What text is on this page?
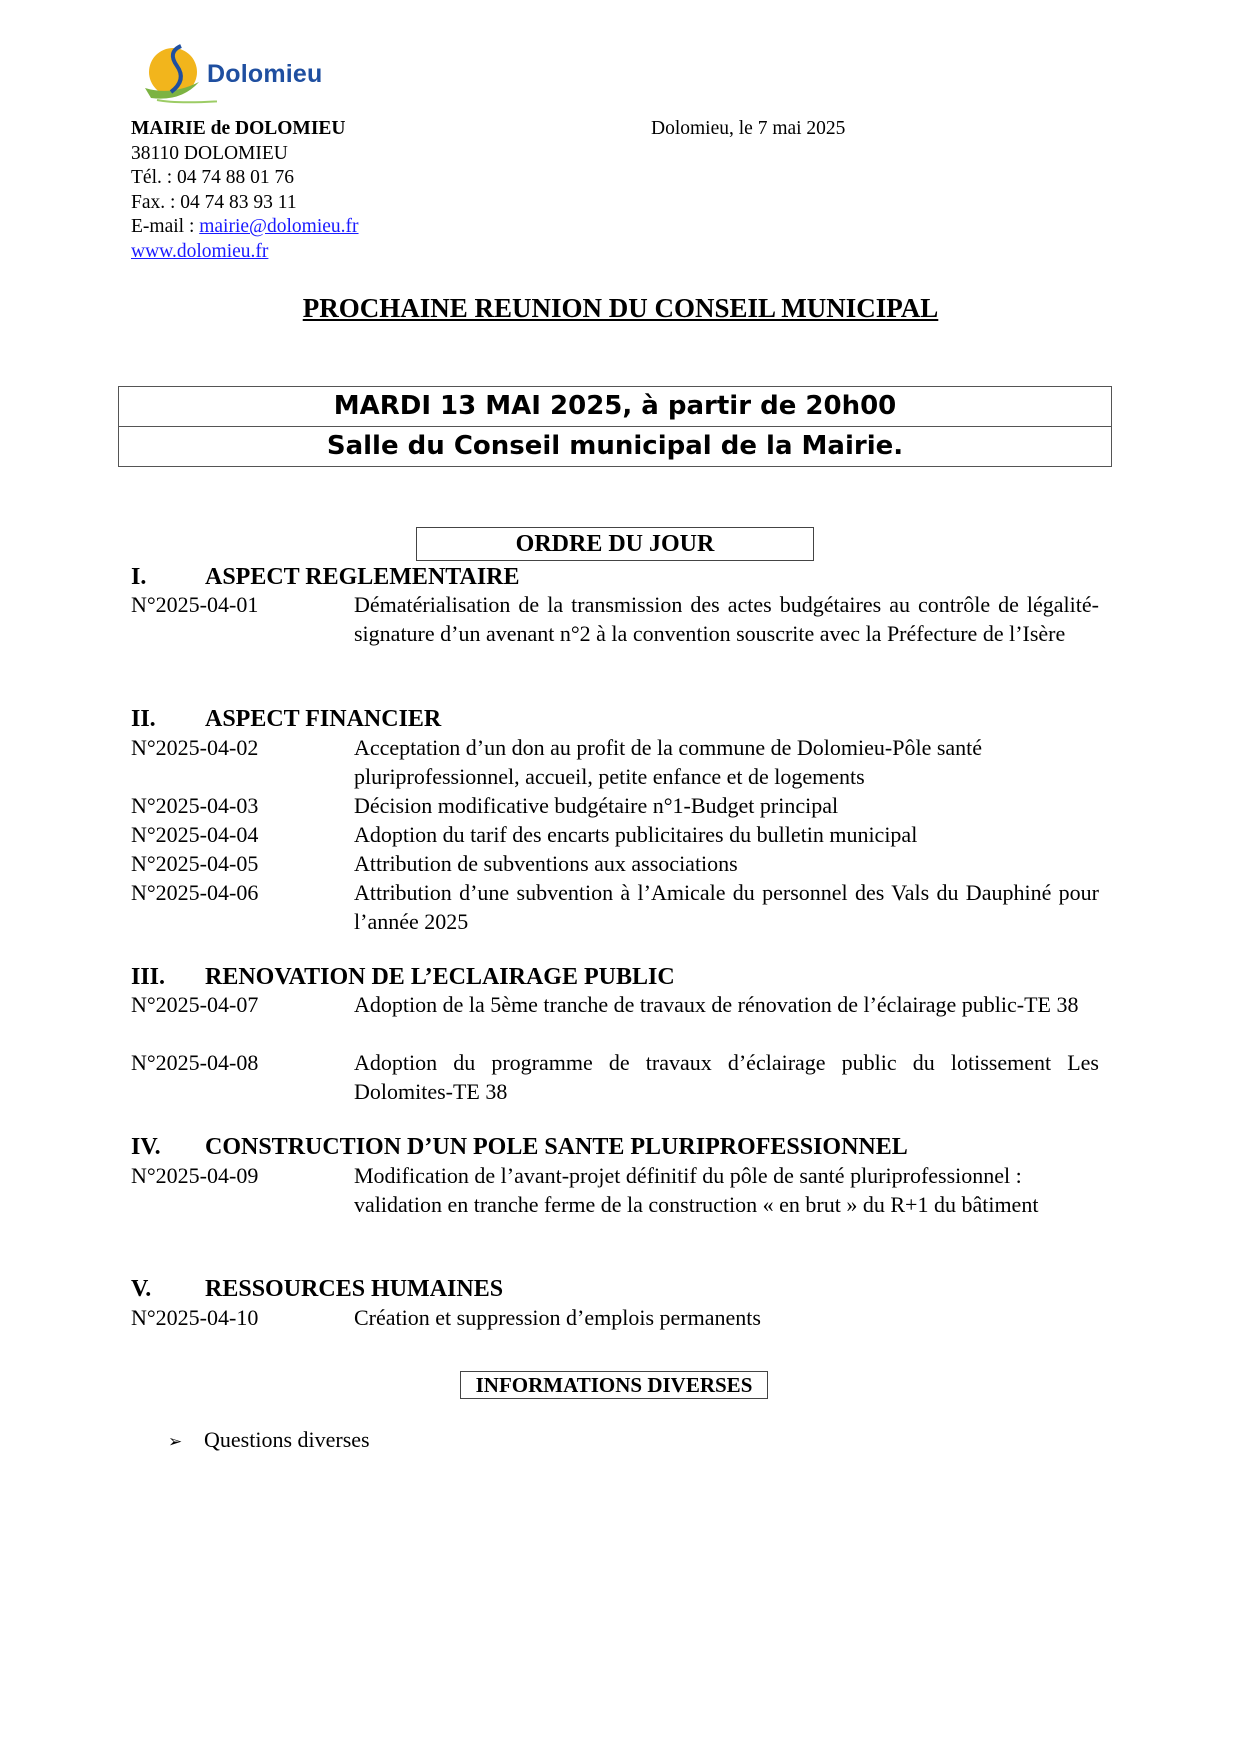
Dolomieu
MAIRIE de DOLOMIEU
38110 DOLOMIEU
Tél. : 04 74 88 01 76
Fax. : 04 74 83 93 11
E-mail : mairie@dolomieu.fr
www.dolomieu.fr
Dolomieu, le 7 mai 2025
PROCHAINE REUNION DU CONSEIL MUNICIPAL
MARDI 13 MAI 2025, à partir de 20h00
Salle du Conseil municipal de la Mairie.
ORDRE DU JOUR
I. ASPECT REGLEMENTAIRE
N°2025-04-01	Dématérialisation de la transmission des actes budgétaires au contrôle de légalité-signature d’un avenant n°2 à la convention souscrite avec la Préfecture de l’Isère
II. ASPECT FINANCIER
N°2025-04-02	Acceptation d’un don au profit de la commune de Dolomieu-Pôle santé pluriprofessionnel, accueil, petite enfance et de logements
N°2025-04-03	Décision modificative budgétaire n°1-Budget principal
N°2025-04-04	Adoption du tarif des encarts publicitaires du bulletin municipal
N°2025-04-05	Attribution de subventions aux associations
N°2025-04-06	Attribution d’une subvention à l’Amicale du personnel des Vals du Dauphiné pour l’année 2025
III. RENOVATION DE L’ECLAIRAGE PUBLIC
N°2025-04-07	Adoption de la 5ème tranche de travaux de rénovation de l’éclairage public-TE 38
N°2025-04-08	Adoption du programme de travaux d’éclairage public du lotissement Les Dolomites-TE 38
IV. CONSTRUCTION D’UN POLE SANTE PLURIPROFESSIONNEL
N°2025-04-09	Modification de l’avant-projet définitif du pôle de santé pluriprofessionnel : validation en tranche ferme de la construction « en brut » du R+1 du bâtiment
V. RESSOURCES HUMAINES
N°2025-04-10	Création et suppression d’emplois permanents
INFORMATIONS DIVERSES
➢ Questions diverses
